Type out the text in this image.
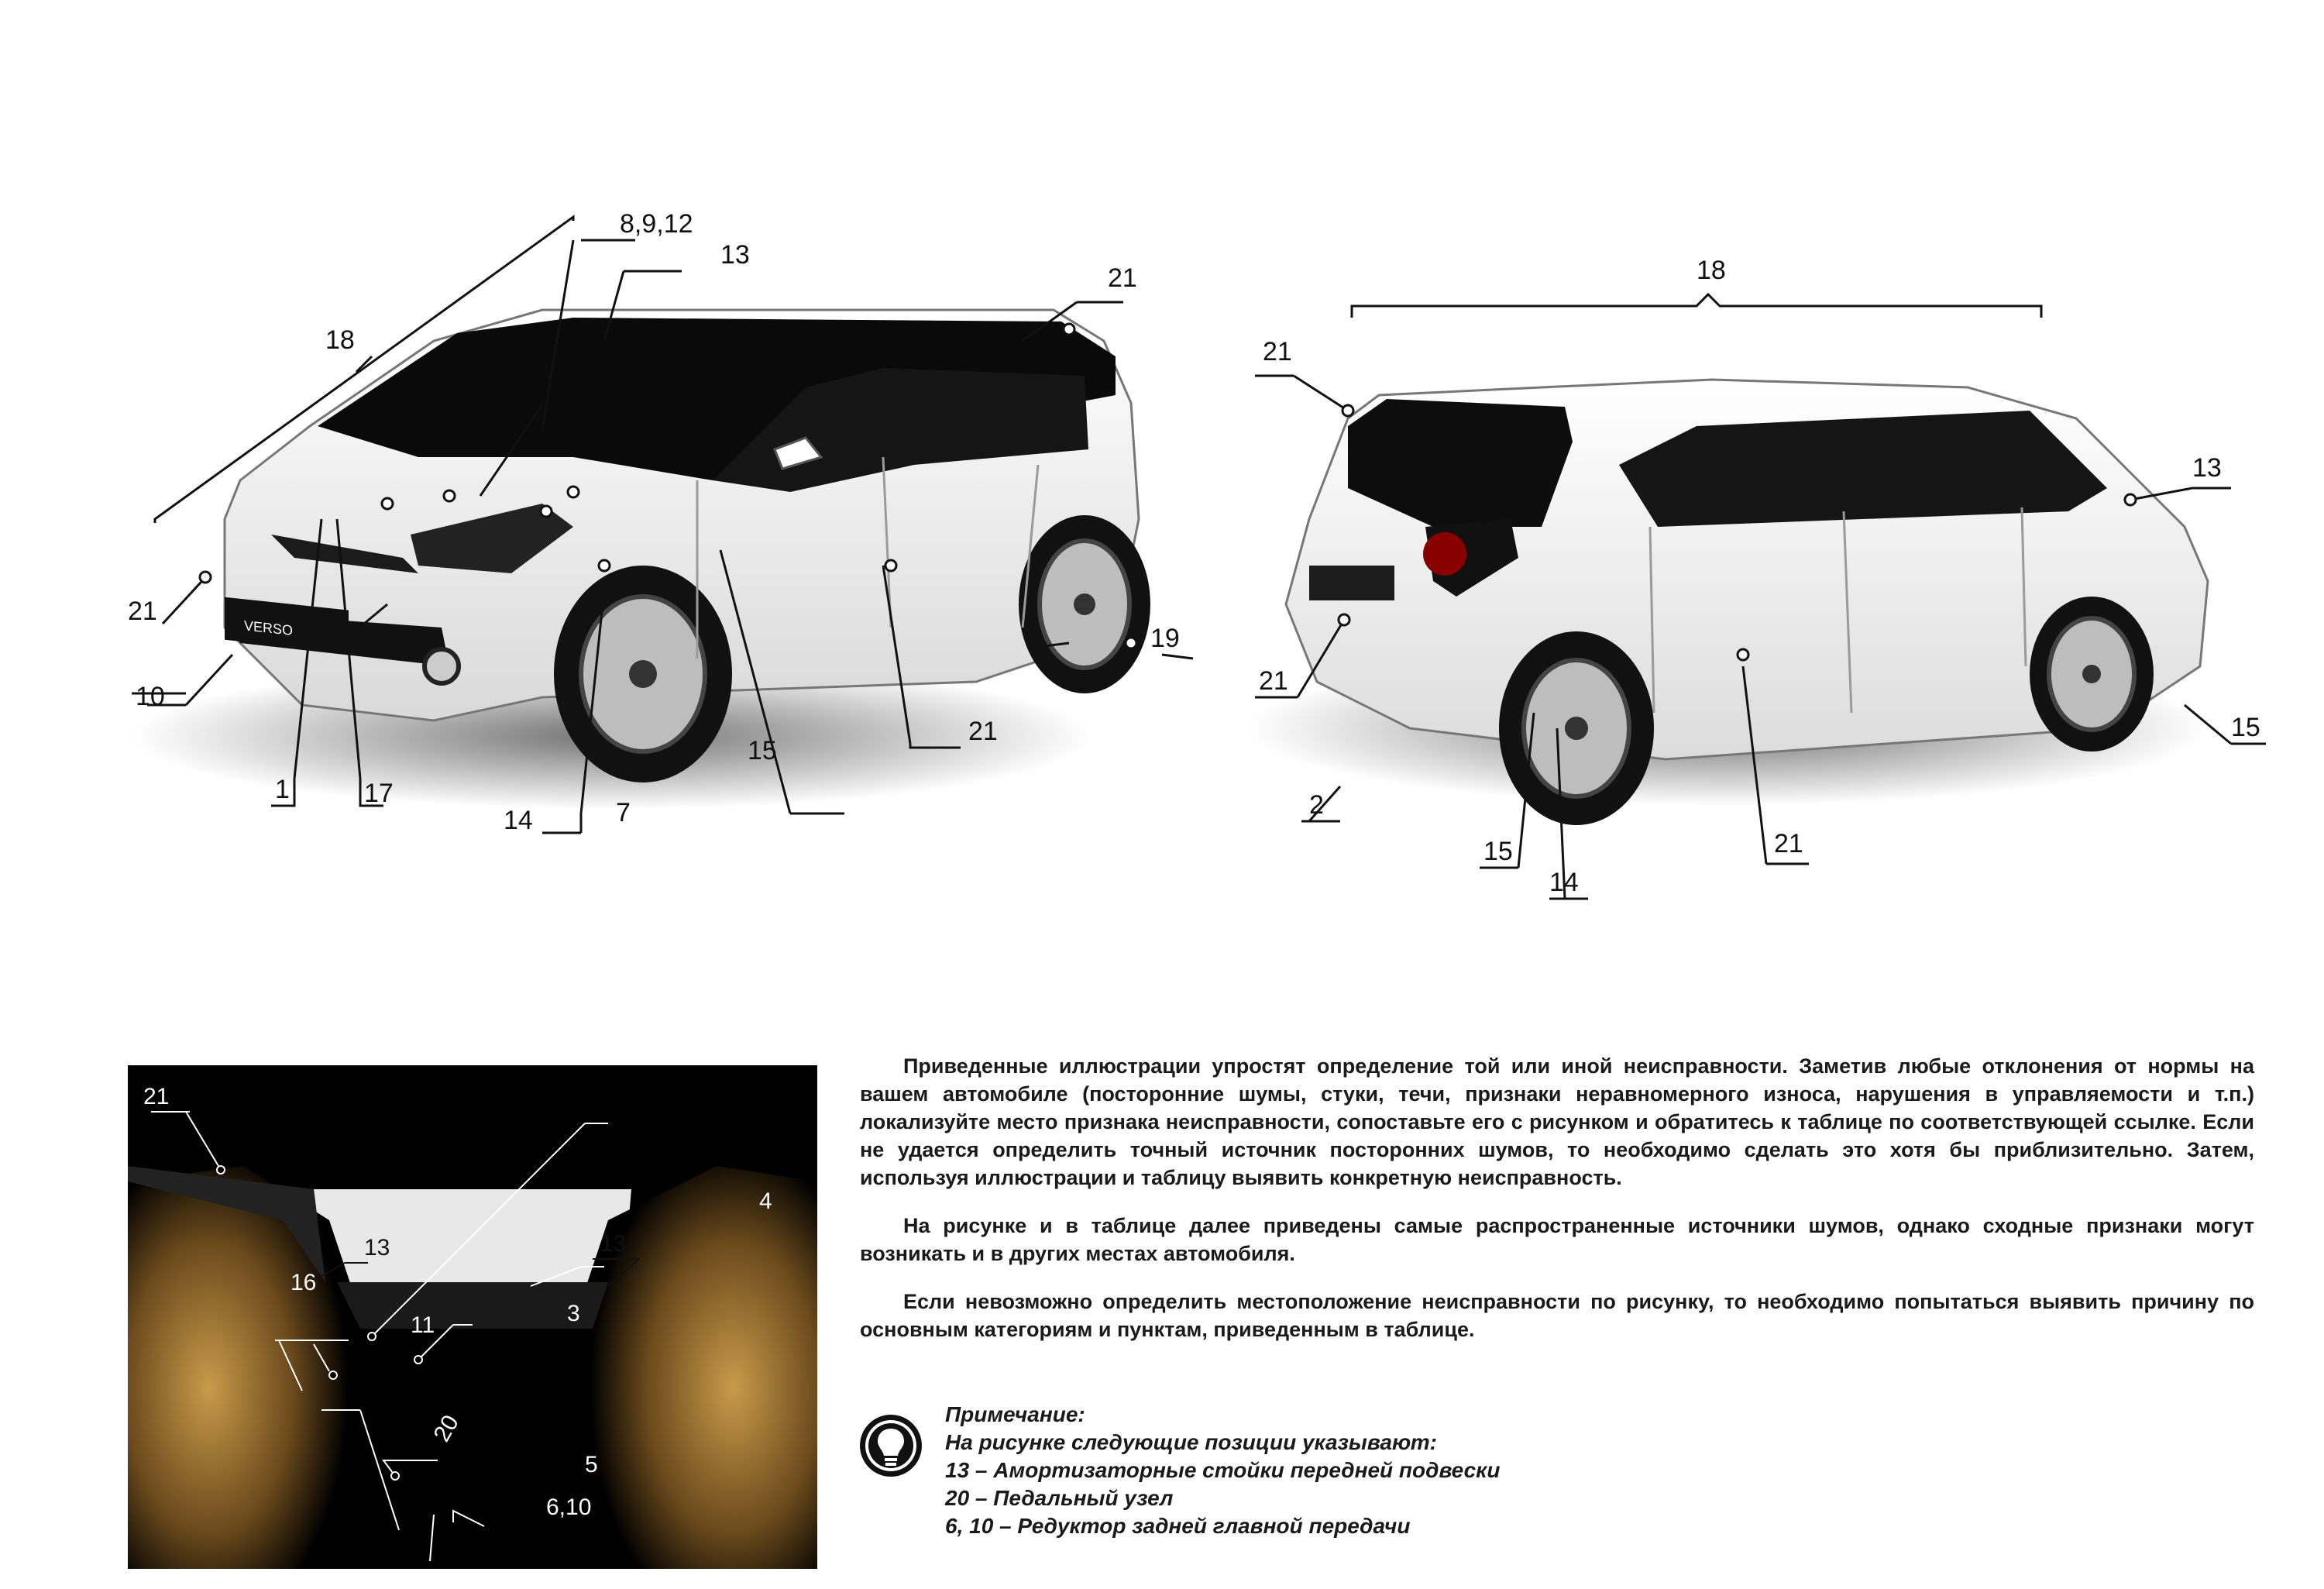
VERSO
18
8,9,12
13
21
21
10
1	17
14	7
15
21
19
18
21
13
21
2
15
14
21
15
21
13	13
4
16
3
11
20
5
6,10

Приведенные иллюстрации упростят определение той или иной неисправности. Заметив любые отклонения от нормы на вашем автомобиле (посторонние шумы, стуки, течи, признаки неравномерного износа, нарушения в управляемости и т.п.) локализуйте место признака неисправности, сопоставьте его с рисунком и обратитесь к таблице по соответствующей ссылке. Если не удается определить точный источник посторонних шумов, то необходимо сделать это хотя бы приблизительно. Затем, используя иллюстрации и таблицу выявить конкретную неисправность.

На рисунке и в таблице далее приведены самые распространенные источники шумов, однако сходные признаки могут возникать и в других местах автомобиля.

Если невозможно определить местоположение неисправности по рисунку, то необходимо попытаться выявить причину по основным категориям и пунктам, приведенным в таблице.

Примечание:
На рисунке следующие позиции указывают:
13 – Амортизаторные стойки передней подвески
20 – Педальный узел
6, 10 – Редуктор задней главной передачи
